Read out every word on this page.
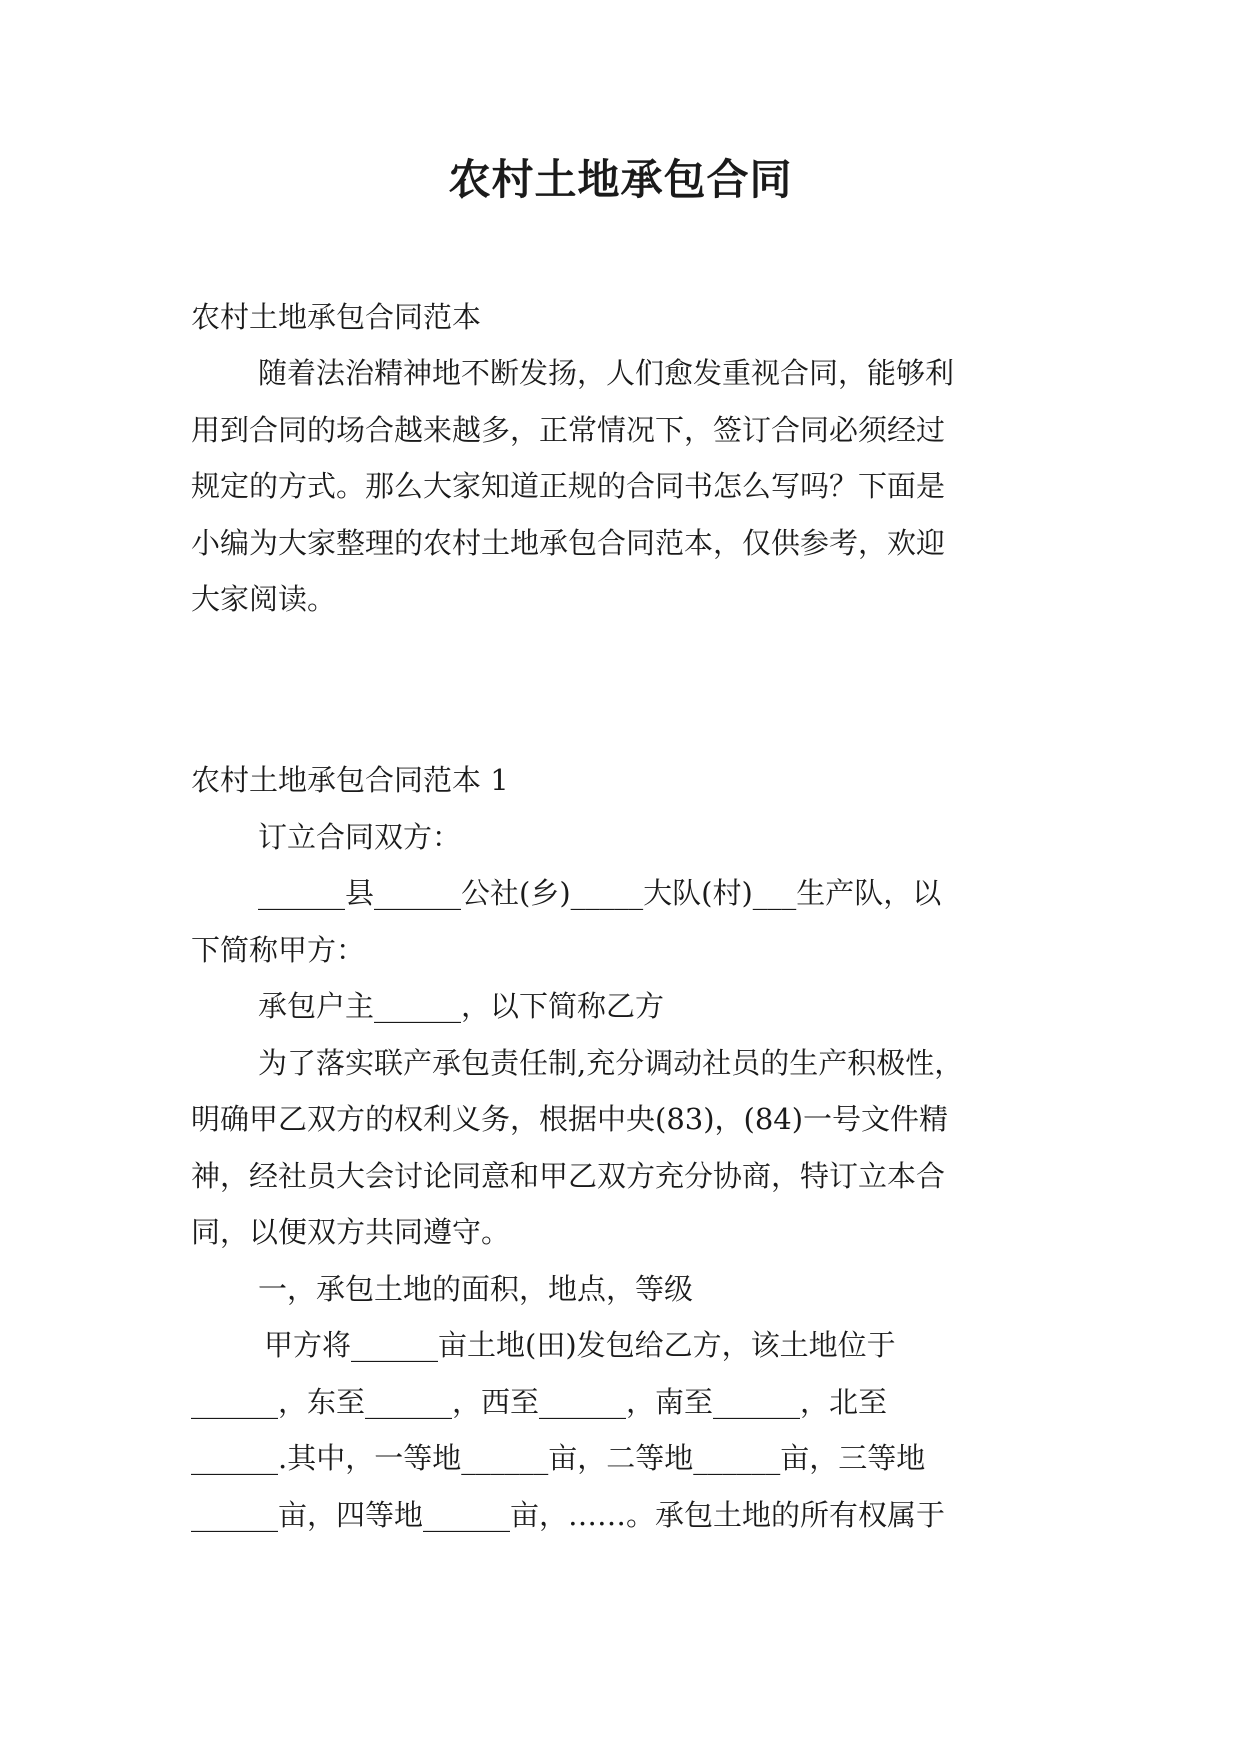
农村土地承包合同
农村土地承包合同范本
随着法治精神地不断发扬，人们愈发重视合同，能够利
用到合同的场合越来越多，正常情况下，签订合同必须经过
规定的方式。那么大家知道正规的合同书怎么写吗？下面是
小编为大家整理的农村土地承包合同范本，仅供参考，欢迎
大家阅读。
农村土地承包合同范本 1
订立合同双方：
______县______公社(乡)_____大队(村)___生产队，以
下简称甲方：
承包户主______，以下简称乙方
为了落实联产承包责任制,充分调动社员的生产积极性，
明确甲乙双方的权利义务，根据中央(83)，(84)一号文件精
神，经社员大会讨论同意和甲乙双方充分协商，特订立本合
同，以便双方共同遵守。
一，承包土地的面积，地点，等级
甲方将______亩土地(田)发包给乙方，该土地位于
______，东至______，西至______，南至______，北至
______.其中，一等地______亩，二等地______亩，三等地
______亩，四等地______亩，……。承包土地的所有权属于
